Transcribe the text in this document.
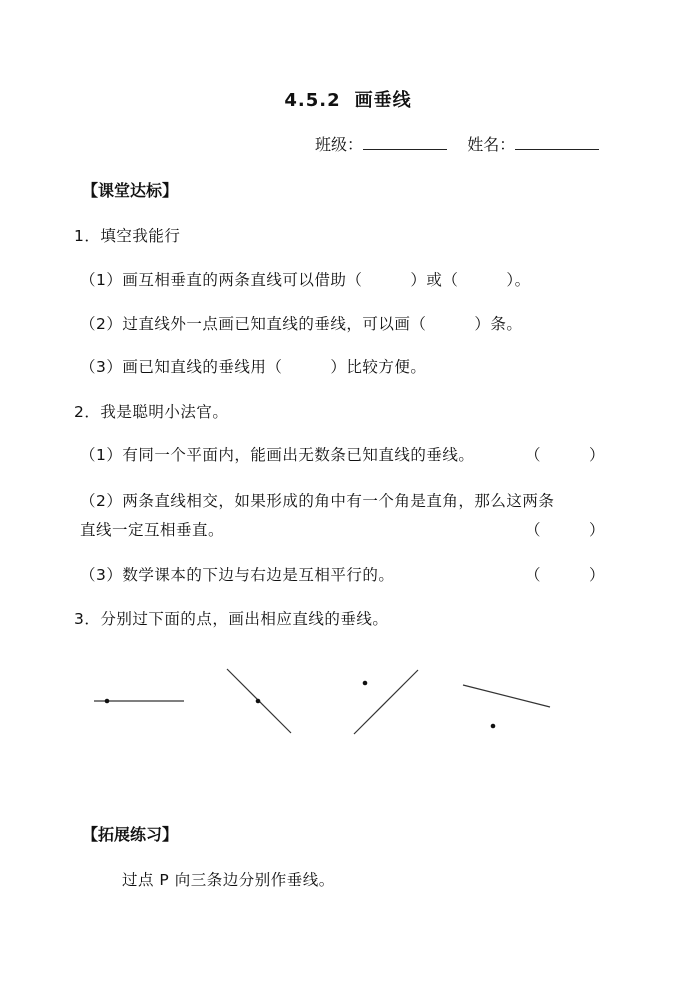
4.5.2 画垂线
班级：	姓名：
【课堂达标】
1．填空我能行
（1）画互相垂直的两条直线可以借助（　　　）或（　　　）。
（2）过直线外一点画已知直线的垂线，可以画（　　　）条。
（3）画已知直线的垂线用（　　　）比较方便。
2．我是聪明小法官。
（1）有同一个平面内，能画出无数条已知直线的垂线。	（　　　）
（2）两条直线相交，如果形成的角中有一个角是直角，那么这两条
直线一定互相垂直。	（　　　）
（3）数学课本的下边与右边是互相平行的。	（　　　）
3．分别过下面的点，画出相应直线的垂线。
【拓展练习】
过点 P 向三条边分别作垂线。
